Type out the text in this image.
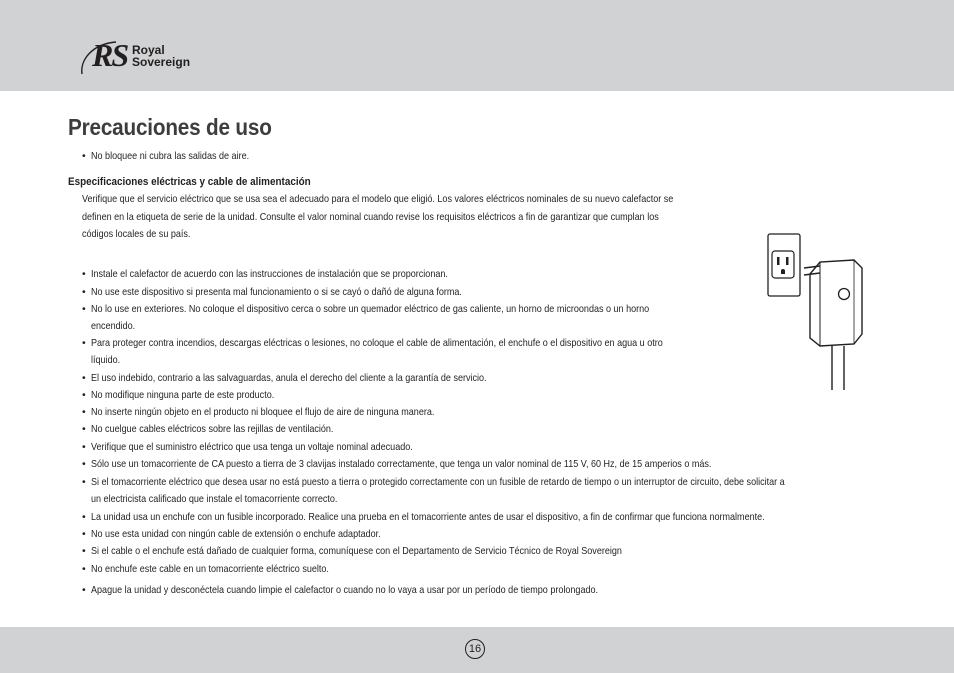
RS Royal
Sovereign
Precauciones de uso
• No bloquee ni cubra las salidas de aire.
Especificaciones eléctricas y cable de alimentación
Verifique que el servicio eléctrico que se usa sea el adecuado para el modelo que eligió. Los valores eléctricos nominales de su nuevo calefactor se
definen en la etiqueta de serie de la unidad. Consulte el valor nominal cuando revise los requisitos eléctricos a fin de garantizar que cumplan los
códigos locales de su país.
• Instale el calefactor de acuerdo con las instrucciones de instalación que se proporcionan.
• No use este dispositivo si presenta mal funcionamiento o si se cayó o dañó de alguna forma.
• No lo use en exteriores. No coloque el dispositivo cerca o sobre un quemador eléctrico de gas caliente, un horno de microondas o un horno
encendido.
• Para proteger contra incendios, descargas eléctricas o lesiones, no coloque el cable de alimentación, el enchufe o el dispositivo en agua u otro
líquido.
• El uso indebido, contrario a las salvaguardas, anula el derecho del cliente a la garantía de servicio.
• No modifique ninguna parte de este producto.
• No inserte ningún objeto en el producto ni bloquee el flujo de aire de ninguna manera.
• No cuelgue cables eléctricos sobre las rejillas de ventilación.
• Verifique que el suministro eléctrico que usa tenga un voltaje nominal adecuado.
• Sólo use un tomacorriente de CA puesto a tierra de 3 clavijas instalado correctamente, que tenga un valor nominal de 115 V, 60 Hz, de 15 amperios o más.
• Si el tomacorriente eléctrico que desea usar no está puesto a tierra o protegido correctamente con un fusible de retardo de tiempo o un interruptor de circuito, debe solicitar a
un electricista calificado que instale el tomacorriente correcto.
• La unidad usa un enchufe con un fusible incorporado. Realice una prueba en el tomacorriente antes de usar el dispositivo, a fin de confirmar que funciona normalmente.
• No use esta unidad con ningún cable de extensión o enchufe adaptador.
• Si el cable o el enchufe está dañado de cualquier forma, comuníquese con el Departamento de Servicio Técnico de Royal Sovereign
• No enchufe este cable en un tomacorriente eléctrico suelto.
• Apague la unidad y desconéctela cuando limpie el calefactor o cuando no lo vaya a usar por un período de tiempo prolongado.
16
